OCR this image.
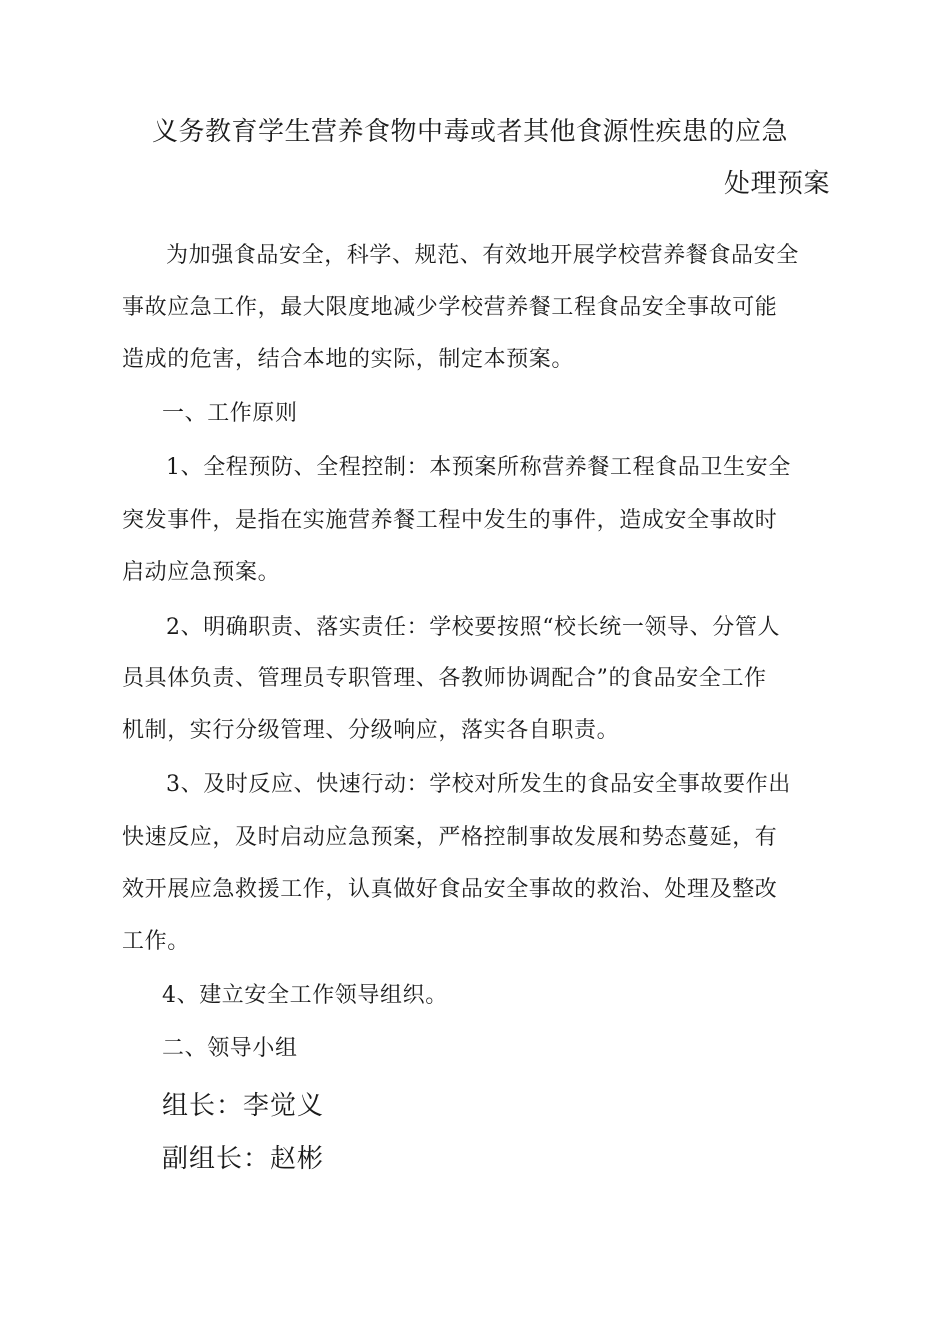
义务教育学生营养食物中毒或者其他食源性疾患的应急
处理预案
为加强食品安全，科学、规范、有效地开展学校营养餐食品安全
事故应急工作，最大限度地减少学校营养餐工程食品安全事故可能
造成的危害，结合本地的实际，制定本预案。
一、工作原则
1、全程预防、全程控制：本预案所称营养餐工程食品卫生安全
突发事件，是指在实施营养餐工程中发生的事件，造成安全事故时
启动应急预案。
2、明确职责、落实责任：学校要按照“校长统一领导、分管人
员具体负责、管理员专职管理、各教师协调配合”的食品安全工作
机制，实行分级管理、分级响应，落实各自职责。
3、及时反应、快速行动：学校对所发生的食品安全事故要作出
快速反应，及时启动应急预案，严格控制事故发展和势态蔓延，有
效开展应急救援工作，认真做好食品安全事故的救治、处理及整改
工作。
4、建立安全工作领导组织。
二、领导小组
组长：李觉义
副组长：赵彬
